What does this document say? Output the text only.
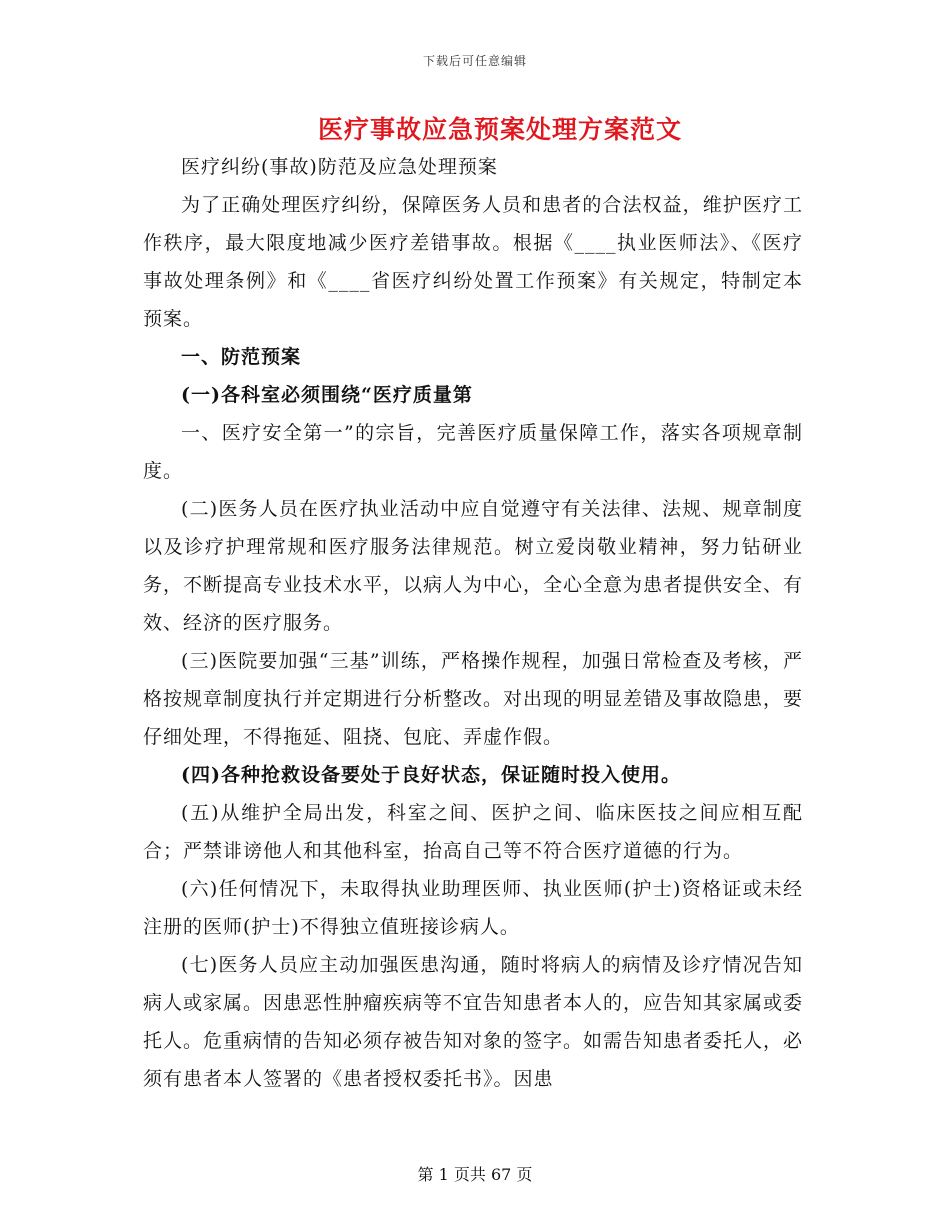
下载后可任意编辑
医疗事故应急预案处理方案范文

医疗纠纷(事故)防范及应急处理预案

为了正确处理医疗纠纷，保障医务人员和患者的合法权益，维护医疗工作秩序，最大限度地减少医疗差错事故。根据《____执业医师法》、《医疗事故处理条例》和《____省医疗纠纷处置工作预案》有关规定，特制定本预案。

一、防范预案

(一)各科室必须围绕“医疗质量第

一、医疗安全第一”的宗旨，完善医疗质量保障工作，落实各项规章制度。

(二)医务人员在医疗执业活动中应自觉遵守有关法律、法规、规章制度以及诊疗护理常规和医疗服务法律规范。树立爱岗敬业精神，努力钻研业务，不断提高专业技术水平，以病人为中心，全心全意为患者提供安全、有效、经济的医疗服务。

(三)医院要加强“三基”训练，严格操作规程，加强日常检查及考核，严格按规章制度执行并定期进行分析整改。对出现的明显差错及事故隐患，要仔细处理，不得拖延、阻挠、包庇、弄虚作假。

(四)各种抢救设备要处于良好状态，保证随时投入使用。

(五)从维护全局出发，科室之间、医护之间、临床医技之间应相互配合；严禁诽谤他人和其他科室，抬高自己等不符合医疗道德的行为。

(六)任何情况下，未取得执业助理医师、执业医师(护士)资格证或未经注册的医师(护士)不得独立值班接诊病人。

(七)医务人员应主动加强医患沟通，随时将病人的病情及诊疗情况告知病人或家属。因患恶性肿瘤疾病等不宜告知患者本人的，应告知其家属或委托人。危重病情的告知必须存被告知对象的签字。如需告知患者委托人，必须有患者本人签署的《患者授权委托书》。因患

第 1 页共 67 页
